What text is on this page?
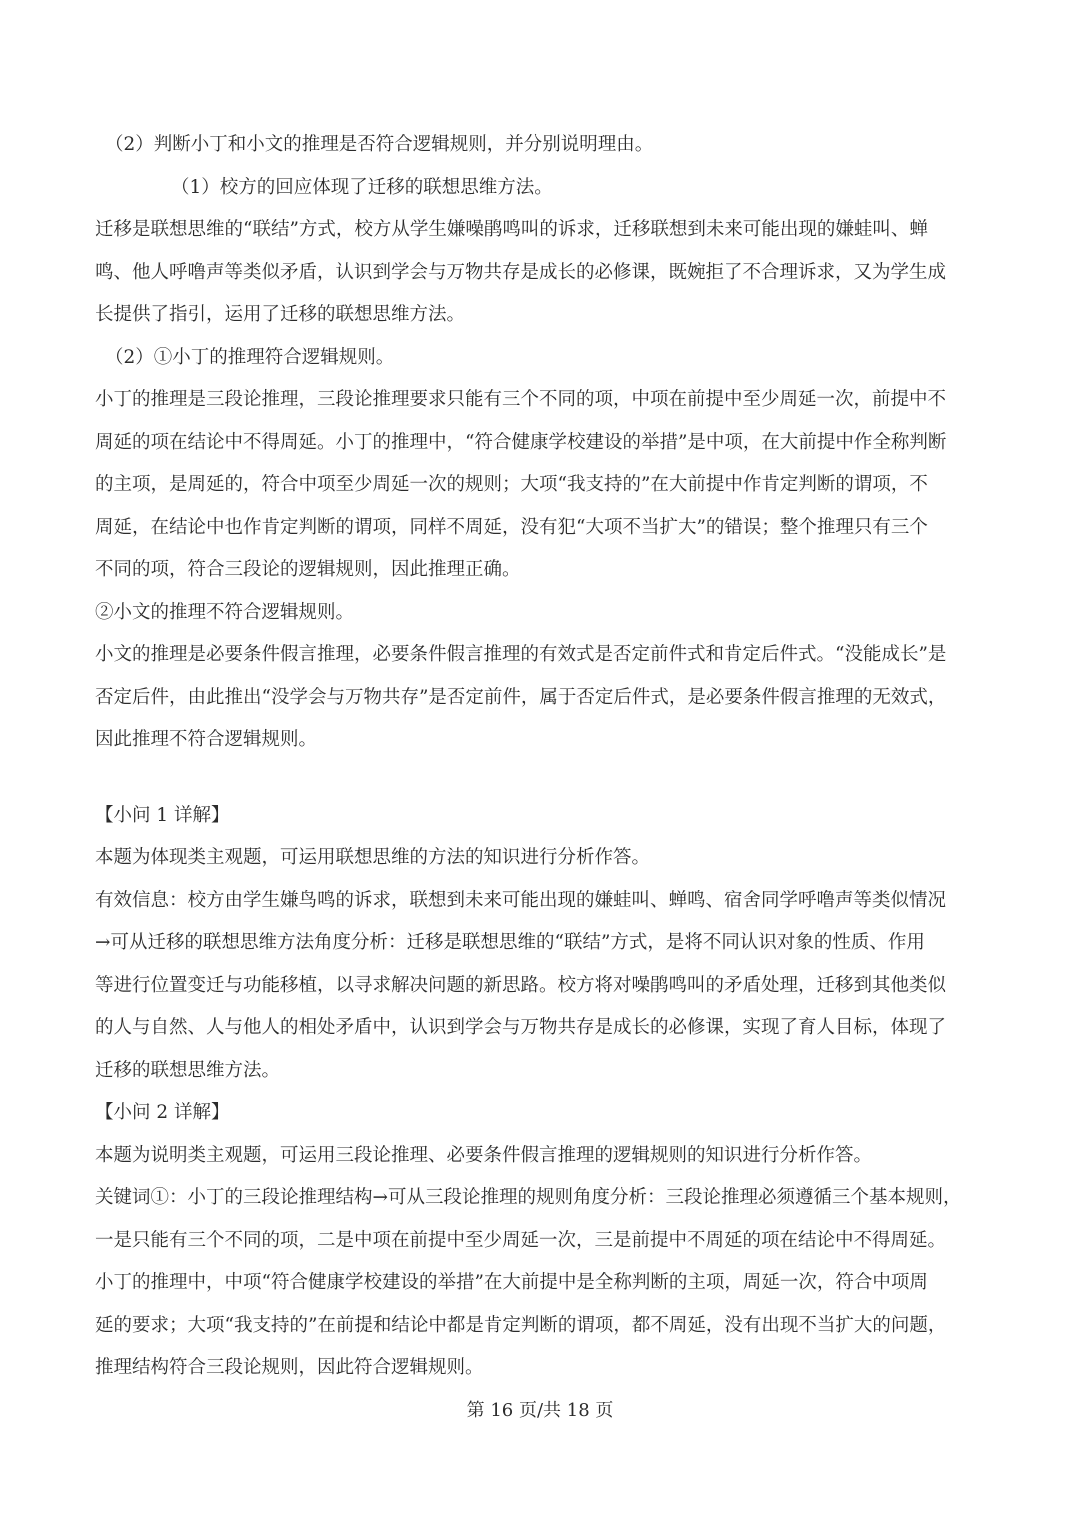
（2）判断小丁和小文的推理是否符合逻辑规则，并分别说明理由。
（1）校方的回应体现了迁移的联想思维方法。
迁移是联想思维的“联结”方式，校方从学生嫌噪鹃鸣叫的诉求，迁移联想到未来可能出现的嫌蛙叫、蝉
鸣、他人呼噜声等类似矛盾，认识到学会与万物共存是成长的必修课，既婉拒了不合理诉求，又为学生成
长提供了指引，运用了迁移的联想思维方法。
（2）①小丁的推理符合逻辑规则。
小丁的推理是三段论推理，三段论推理要求只能有三个不同的项，中项在前提中至少周延一次，前提中不
周延的项在结论中不得周延。小丁的推理中，“符合健康学校建设的举措”是中项，在大前提中作全称判断
的主项，是周延的，符合中项至少周延一次的规则；大项“我支持的”在大前提中作肯定判断的谓项，不
周延，在结论中也作肯定判断的谓项，同样不周延，没有犯“大项不当扩大”的错误；整个推理只有三个
不同的项，符合三段论的逻辑规则，因此推理正确。
②小文的推理不符合逻辑规则。
小文的推理是必要条件假言推理，必要条件假言推理的有效式是否定前件式和肯定后件式。“没能成长”是
否定后件，由此推出“没学会与万物共存”是否定前件，属于否定后件式，是必要条件假言推理的无效式，
因此推理不符合逻辑规则。
【小问 1 详解】
本题为体现类主观题，可运用联想思维的方法的知识进行分析作答。
有效信息：校方由学生嫌鸟鸣的诉求，联想到未来可能出现的嫌蛙叫、蝉鸣、宿舍同学呼噜声等类似情况
→可从迁移的联想思维方法角度分析：迁移是联想思维的“联结”方式，是将不同认识对象的性质、作用
等进行位置变迁与功能移植，以寻求解决问题的新思路。校方将对噪鹃鸣叫的矛盾处理，迁移到其他类似
的人与自然、人与他人的相处矛盾中，认识到学会与万物共存是成长的必修课，实现了育人目标，体现了
迁移的联想思维方法。
【小问 2 详解】
本题为说明类主观题，可运用三段论推理、必要条件假言推理的逻辑规则的知识进行分析作答。
关键词①：小丁的三段论推理结构→可从三段论推理的规则角度分析：三段论推理必须遵循三个基本规则，
一是只能有三个不同的项，二是中项在前提中至少周延一次，三是前提中不周延的项在结论中不得周延。
小丁的推理中，中项“符合健康学校建设的举措”在大前提中是全称判断的主项，周延一次，符合中项周
延的要求；大项“我支持的”在前提和结论中都是肯定判断的谓项，都不周延，没有出现不当扩大的问题，
推理结构符合三段论规则，因此符合逻辑规则。
第 16 页/共 18 页
